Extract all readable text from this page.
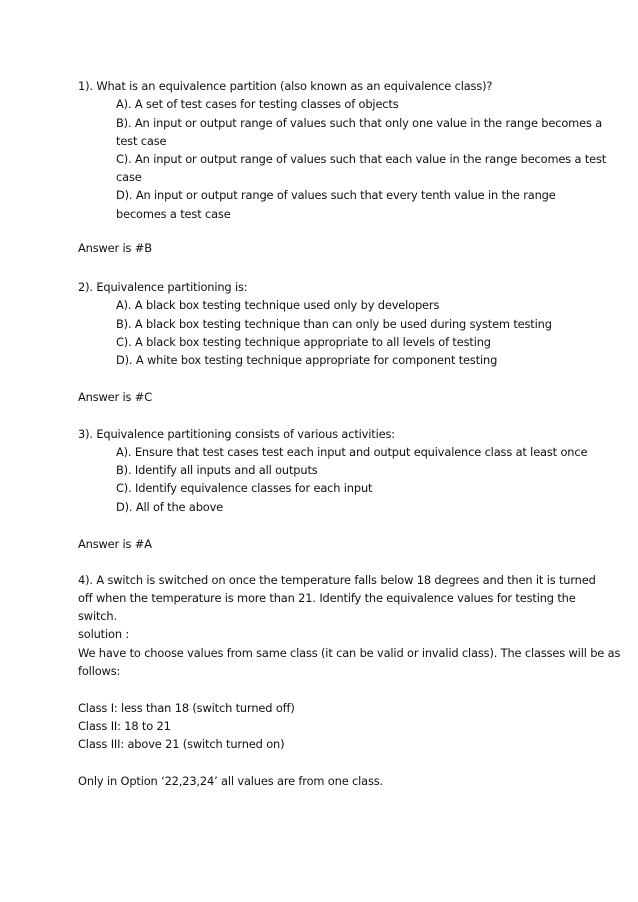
1). What is an equivalence partition (also known as an equivalence class)?
A). A set of test cases for testing classes of objects
B). An input or output range of values such that only one value in the range becomes a
test case
C). An input or output range of values such that each value in the range becomes a test
case
D). An input or output range of values such that every tenth value in the range
becomes a test case
Answer is #B
2). Equivalence partitioning is:
A). A black box testing technique used only by developers
B). A black box testing technique than can only be used during system testing
C). A black box testing technique appropriate to all levels of testing
D). A white box testing technique appropriate for component testing
Answer is #C
3). Equivalence partitioning consists of various activities:
A). Ensure that test cases test each input and output equivalence class at least once
B). Identify all inputs and all outputs
C). Identify equivalence classes for each input
D). All of the above
Answer is #A
4). A switch is switched on once the temperature falls below 18 degrees and then it is turned
off when the temperature is more than 21. Identify the equivalence values for testing the
switch.
solution :
We have to choose values from same class (it can be valid or invalid class). The classes will be as
follows:
Class I: less than 18 (switch turned off)
Class II: 18 to 21
Class III: above 21 (switch turned on)
Only in Option ‘22,23,24’ all values are from one class.
